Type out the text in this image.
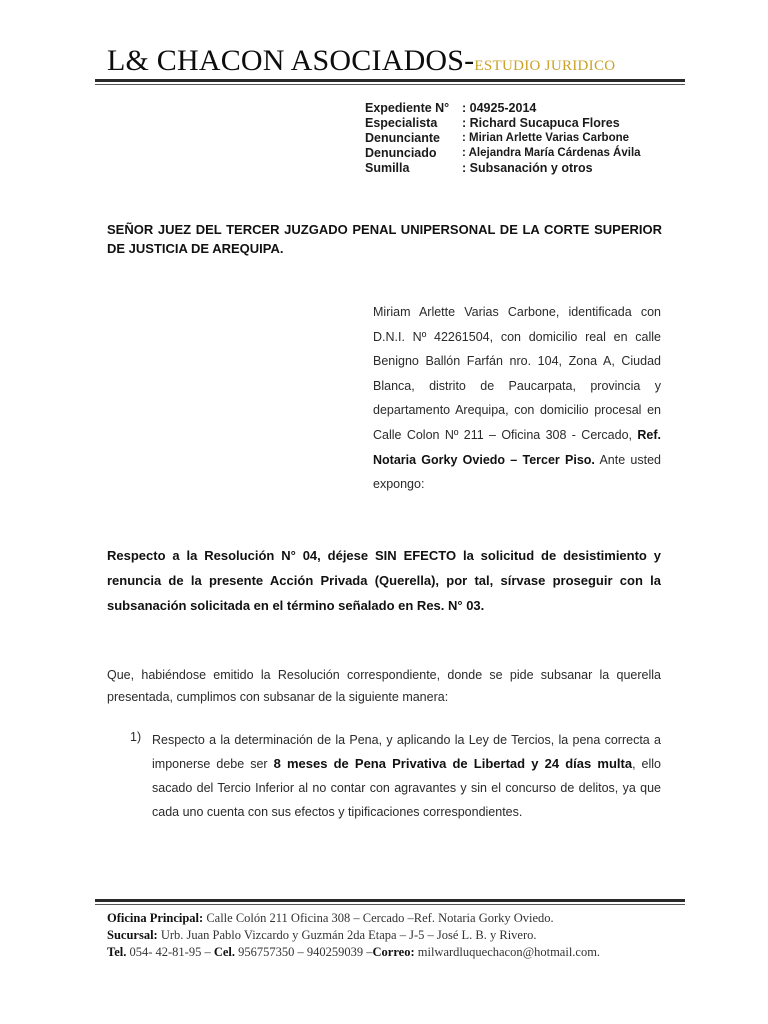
L& CHACON ASOCIADOS-ESTUDIO JURIDICO
Expediente N°	: 04925-2014
Especialista	: Richard Sucapuca Flores
Denunciante	: Mirian Arlette Varias Carbone
Denunciado	: Alejandra María Cárdenas Ávila
Sumilla	: Subsanación y otros
SEÑOR JUEZ DEL TERCER JUZGADO PENAL UNIPERSONAL DE LA CORTE SUPERIOR DE JUSTICIA DE AREQUIPA.
Miriam Arlette Varias Carbone, identificada con D.N.I. Nº 42261504, con domicilio real en calle Benigno Ballón Farfán nro. 104, Zona A, Ciudad Blanca, distrito de Paucarpata, provincia y departamento Arequipa, con domicilio procesal en Calle Colon Nº 211 – Oficina 308 - Cercado, Ref. Notaria Gorky Oviedo – Tercer Piso. Ante usted expongo:
Respecto a la Resolución N° 04, déjese SIN EFECTO la solicitud de desistimiento y renuncia de la presente Acción Privada (Querella), por tal, sírvase proseguir con la subsanación solicitada en el término señalado en Res. N° 03.
Que, habiéndose emitido la Resolución correspondiente, donde se pide subsanar la querella presentada, cumplimos con subsanar de la siguiente manera:
1) Respecto a la determinación de la Pena, y aplicando la Ley de Tercios, la pena correcta a imponerse debe ser 8 meses de Pena Privativa de Libertad y 24 días multa, ello sacado del Tercio Inferior al no contar con agravantes y sin el concurso de delitos, ya que cada uno cuenta con sus efectos y tipificaciones correspondientes.
Oficina Principal: Calle Colón 211 Oficina 308 – Cercado –Ref. Notaria Gorky Oviedo.
Sucursal: Urb. Juan Pablo Vizcardo y Guzmán 2da Etapa – J-5 – José L. B. y Rivero.
Tel. 054- 42-81-95 – Cel. 956757350 – 940259039 –Correo: milwardluquechacon@hotmail.com.
